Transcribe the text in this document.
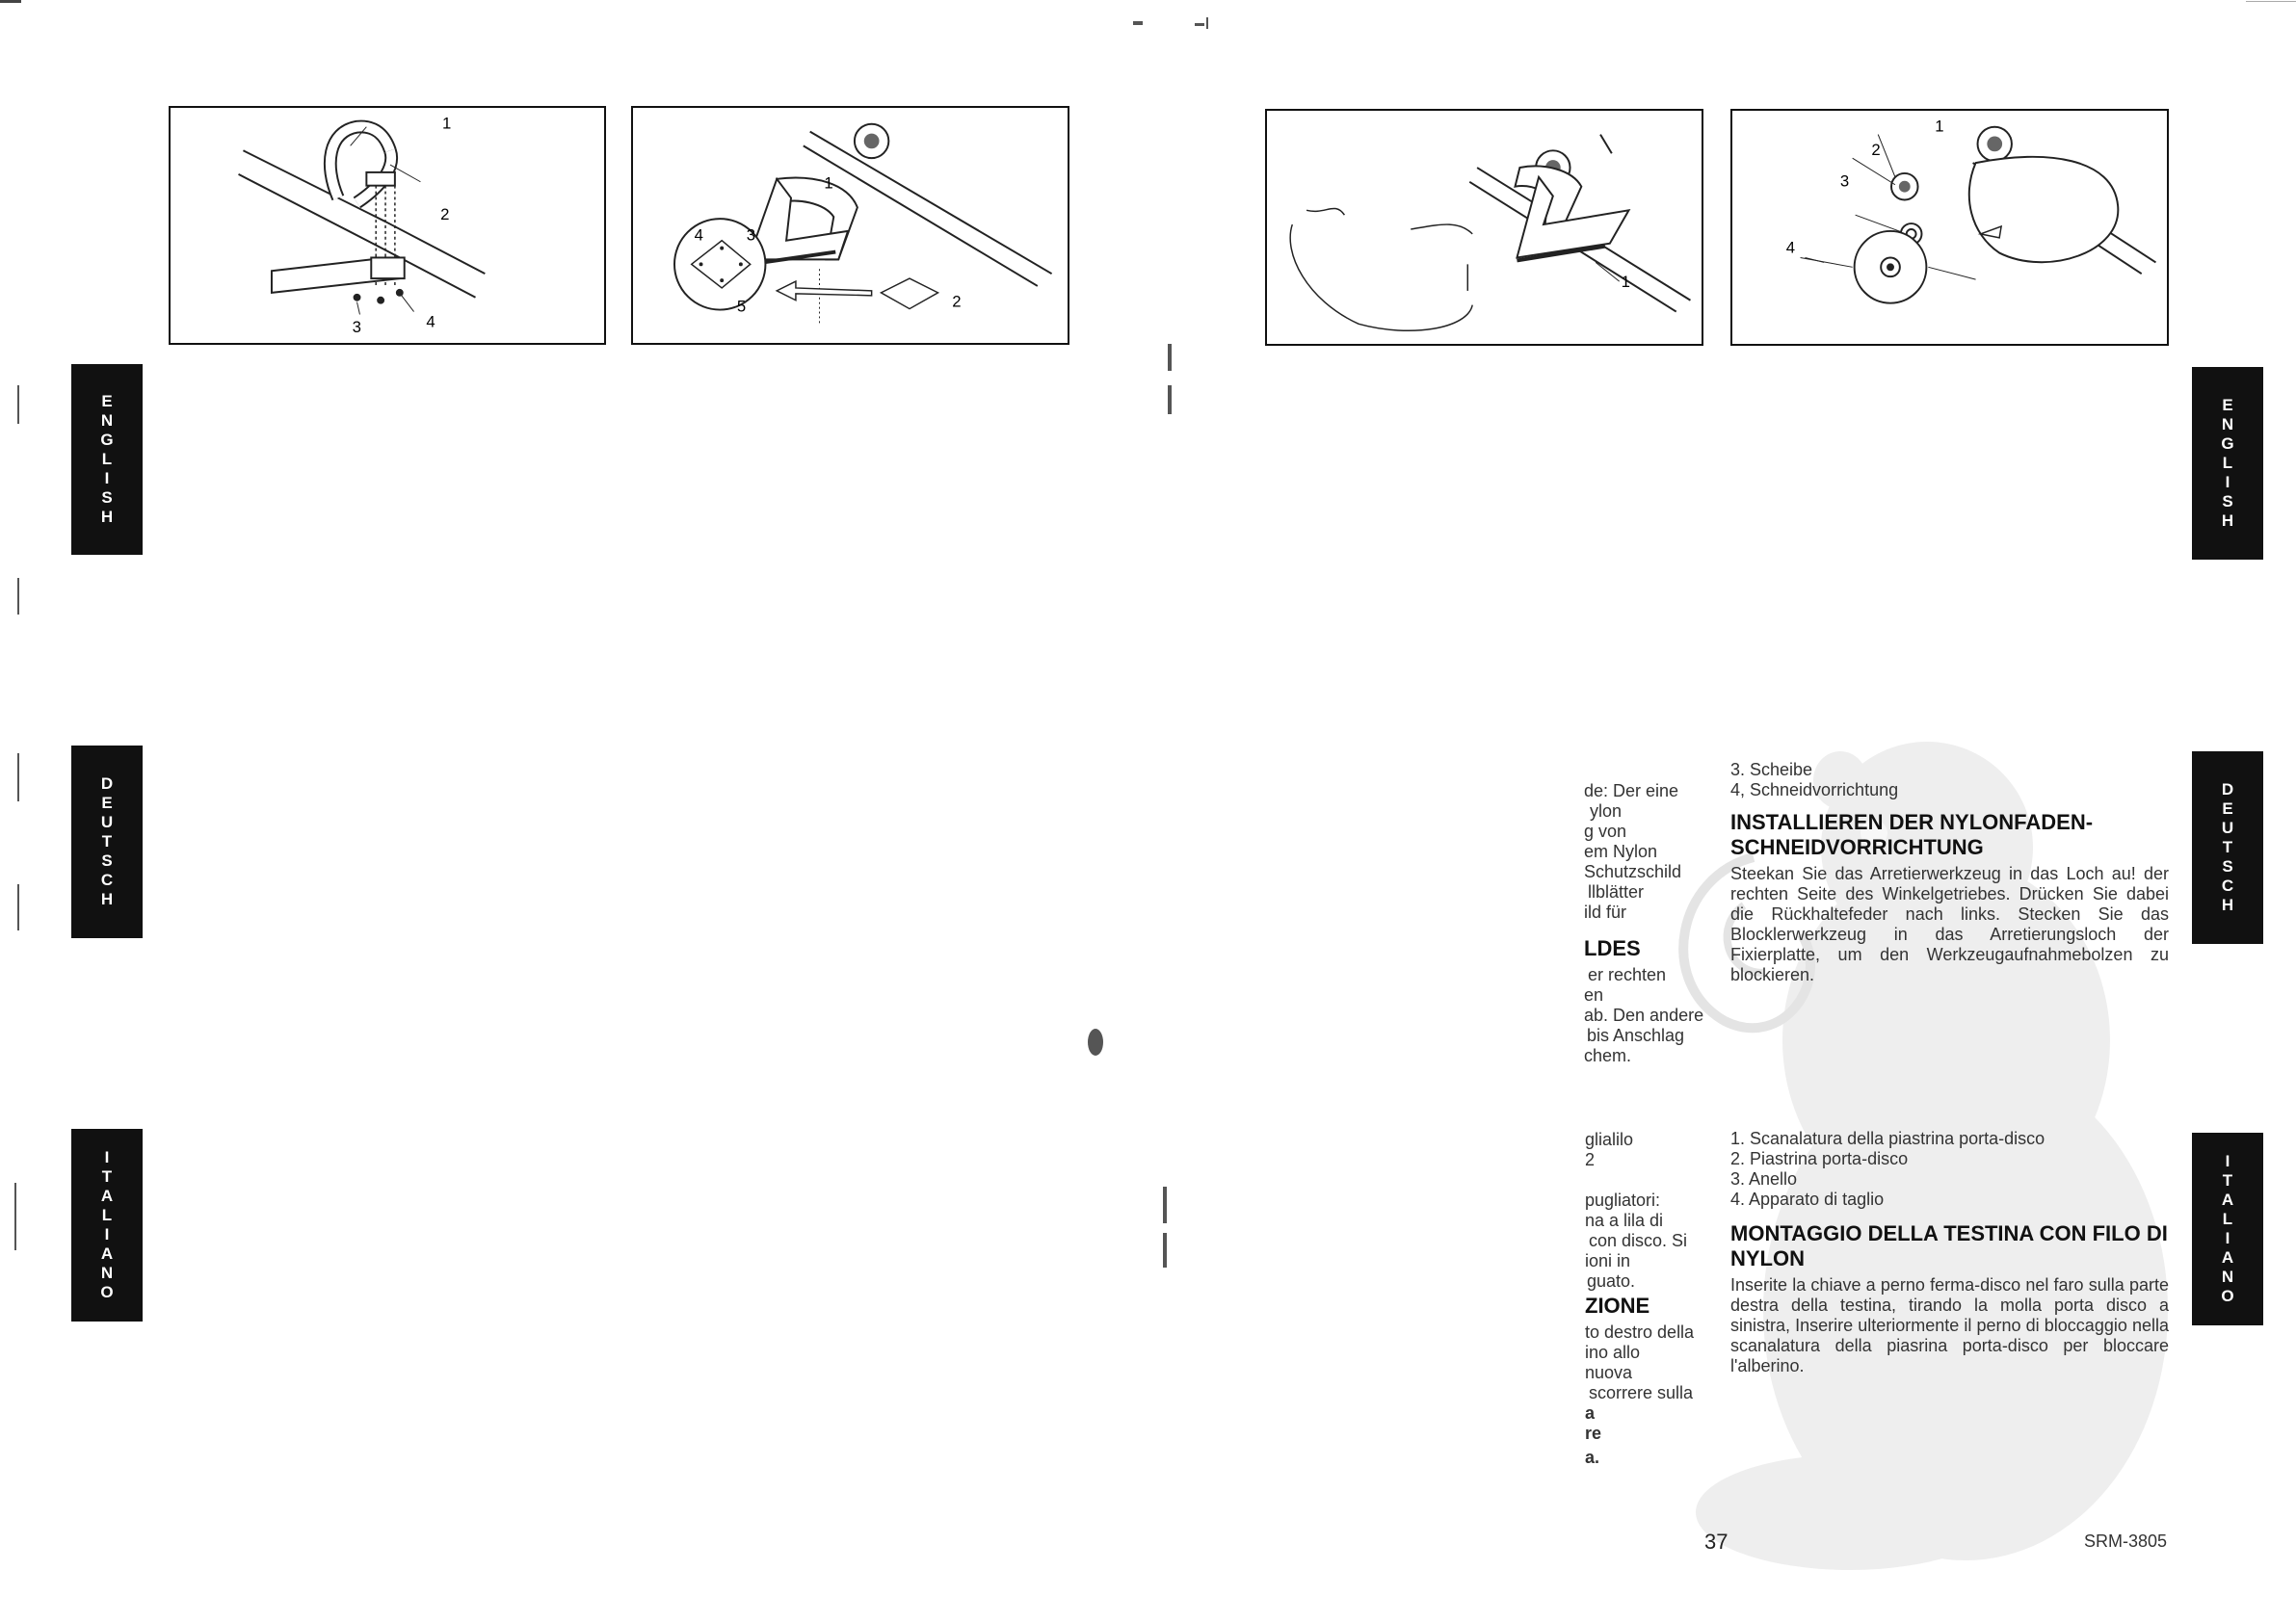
1
2
3	4
1
2
3
4
5
1
1
2
3
4
E
N
G
L
I
S
H
D
E
U
T
S
C
H
I
T
A
L
I
A
N
O
E
N
G
L
I
S
H
D
E
U
T
S
C
H
I
T
A
L
I
A
N
O
de: Der eine
ylon
g von
em Nylon
Schutzschild
llblätter
ild für
LDES
er rechten
en
ab. Den andere
bis Anschlag
chem.
3. Scheibe
4, Schneidvorrichtung
INSTALLIEREN DER NYLONFADEN-SCHNEIDVORRICHTUNG
Steekan Sie das Arretierwerkzeug in das Loch au! der rechten Seite des Winkelgetriebes. Drücken Sie dabei die Rückhaltefeder nach links. Stecken Sie das Blocklerwerkzeug in das Arretierungsloch der Fixierplatte, um den Werkzeugaufnahmebolzen zu blockieren.
glialilo
2

pugliatori:
na a lila di
con disco. Si
ioni in
guato.
ZIONE
to destro della
ino allo
nuova
scorrere sulla
a
re
a.
1. Scanalatura della piastrina porta-disco
2. Piastrina porta-disco
3. Anello
4. Apparato di taglio
MONTAGGIO DELLA TESTINA CON FILO DI NYLON
Inserite la chiave a perno ferma-disco nel faro sulla parte destra della testina, tirando la molla porta disco a sinistra, Inserire ulteriormente il perno di bloccaggio nella scanalatura della piasrina porta-disco per bloccare l'alberino.
37	SRM-3805
